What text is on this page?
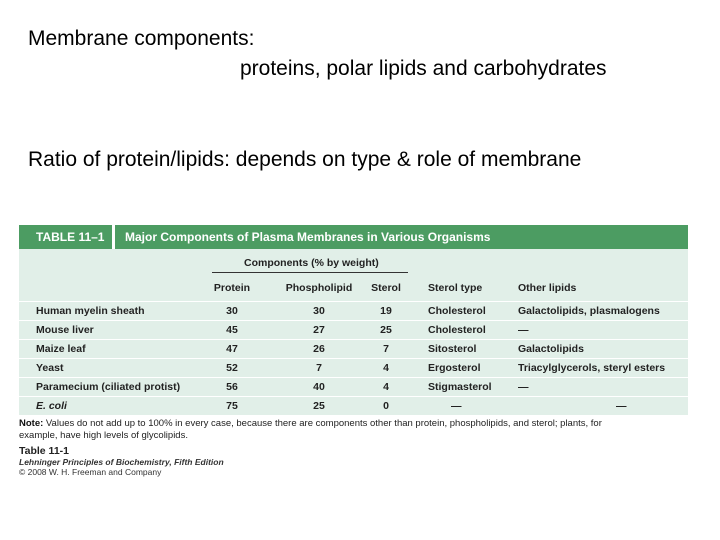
Membrane components:
proteins, polar lipids and carbohydrates
Ratio of protein/lipids: depends on type & role of membrane
TABLE 11–1	Major Components of Plasma Membranes in Various Organisms
Components (% by weight)
Protein	Phospholipid	Sterol	Sterol type	Other lipids
Human myelin sheath	30	30	19	Cholesterol	Galactolipids, plasmalogens
Mouse liver	45	27	25	Cholesterol	—
Maize leaf	47	26	7	Sitosterol	Galactolipids
Yeast	52	7	4	Ergosterol	Triacylglycerols, steryl esters
Paramecium (ciliated protist)	56	40	4	Stigmasterol	—
E. coli	75	25	0	—	—
Note: Values do not add up to 100% in every case, because there are components other than protein, phospholipids, and sterol; plants, for
example, have high levels of glycolipids.
Table 11-1
Lehninger Principles of Biochemistry, Fifth Edition
© 2008 W. H. Freeman and Company
